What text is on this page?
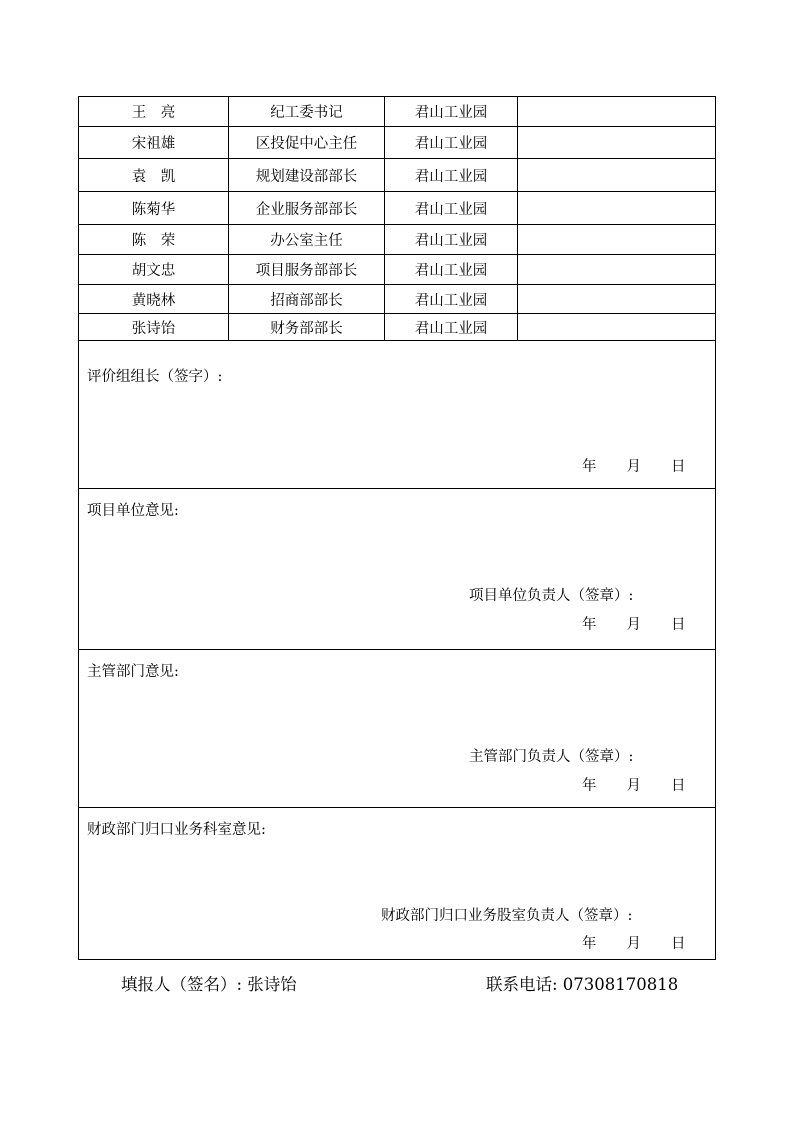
王　亮	纪工委书记	君山工业园
宋祖雄	区投促中心主任	君山工业园
袁　凯	规划建设部部长	君山工业园
陈菊华	企业服务部部长	君山工业园
陈　荣	办公室主任	君山工业园
胡文忠	项目服务部部长	君山工业园
黄晓林	招商部部长	君山工业园
张诗饴	财务部部长	君山工业园
评价组组长（签字）:
年 月 日
项目单位意见:
项目单位负责人（签章）:
年 月 日
主管部门意见:
主管部门负责人（签章）:
年 月 日
财政部门归口业务科室意见:
财政部门归口业务股室负责人（签章）:
年 月 日
填报人（签名）: 张诗饴	联系电话: 07308170818
